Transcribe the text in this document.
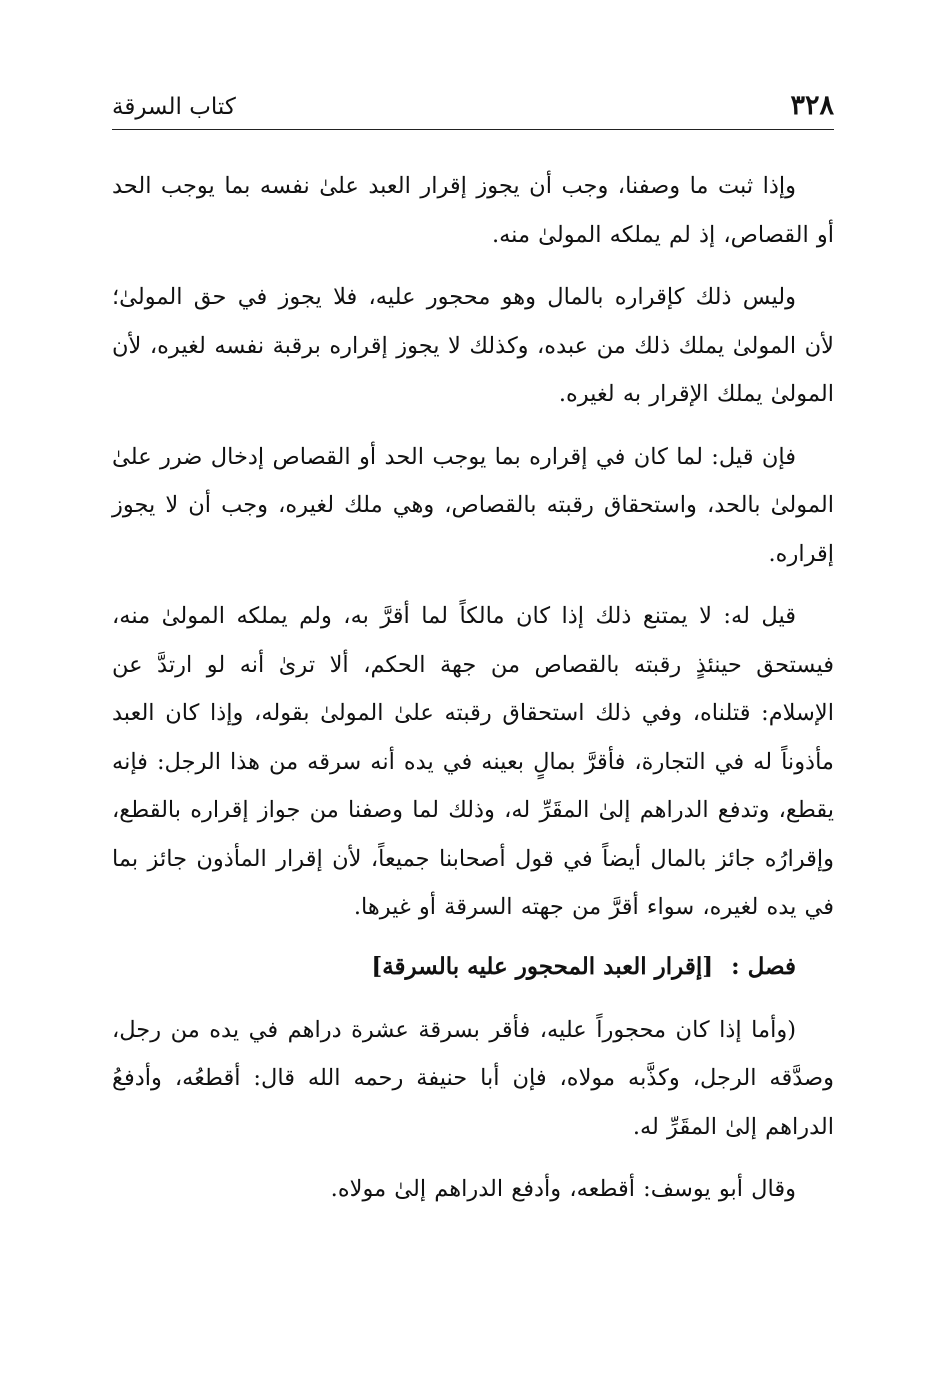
٣٢٨
كتاب السرقة

وإذا ثبت ما وصفنا، وجب أن يجوز إقرار العبد علىٰ نفسه بما يوجب الحد أو القصاص، إذ لم يملكه المولىٰ منه.

وليس ذلك كإقراره بالمال وهو محجور عليه، فلا يجوز في حق المولىٰ؛ لأن المولىٰ يملك ذلك من عبده، وكذلك لا يجوز إقراره برقبة نفسه لغيره، لأن المولىٰ يملك الإقرار به لغيره.

فإن قيل: لما كان في إقراره بما يوجب الحد أو القصاص إدخال ضرر علىٰ المولىٰ بالحد، واستحقاق رقبته بالقصاص، وهي ملك لغيره، وجب أن لا يجوز إقراره.

قيل له: لا يمتنع ذلك إذا كان مالكاً لما أقرَّ به، ولم يملكه المولىٰ منه، فيستحق حينئذٍ رقبته بالقصاص من جهة الحكم، ألا ترىٰ أنه لو ارتدَّ عن الإسلام: قتلناه، وفي ذلك استحقاق رقبته علىٰ المولىٰ بقوله، وإذا كان العبد مأذوناً له في التجارة، فأقرَّ بمالٍ بعينه في يده أنه سرقه من هذا الرجل: فإنه يقطع، وتدفع الدراهم إلىٰ المقَرِّ له، وذلك لما وصفنا من جواز إقراره بالقطع، وإقرارُه جائز بالمال أيضاً في قول أصحابنا جميعاً، لأن إقرار المأذون جائز بما في يده لغيره، سواء أقرَّ من جهته السرقة أو غيرها.

فصل : [إقرار العبد المحجور عليه بالسرقة]

(وأما إذا كان محجوراً عليه، فأقر بسرقة عشرة دراهم في يده من رجل، وصدَّقه الرجل، وكذَّبه مولاه، فإن أبا حنيفة رحمه الله قال: أقطعُه، وأدفعُ الدراهم إلىٰ المقَرِّ له.

وقال أبو يوسف: أقطعه، وأدفع الدراهم إلىٰ مولاه.
